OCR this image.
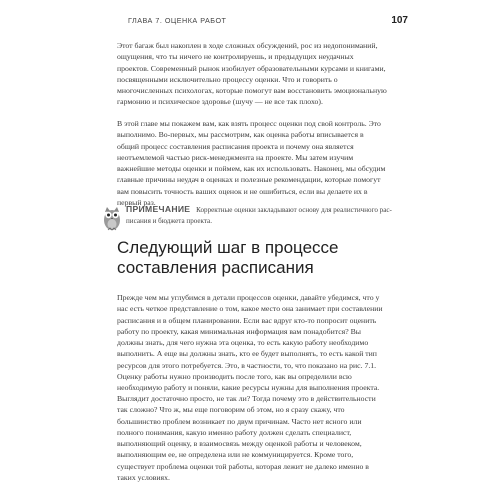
ГЛАВА 7. ОЦЕНКА РАБОТ	107

Этот багаж был накоплен в ходе сложных обсуждений, рос из недопониманий, ощущения, что ты ничего не контролируешь, и предыдущих неудачных проектов. Современный рынок изобилует образовательными курсами и книгами, посвященными исключительно процессу оценки. Что и говорить о многочисленных психологах, которые помогут вам восстановить эмоциональную гармонию и психическое здоровье (шучу — не все так плохо).

В этой главе мы покажем вам, как взять процесс оценки под свой контроль. Это выполнимо. Во-первых, мы рассмотрим, как оценка работы вписывается в общий процесс составления расписания проекта и почему она является неотъемлемой частью риск-менеджмента на проекте. Мы затем изучим важнейшие методы оценки и поймем, как их использовать. Наконец, мы обсудим главные причины неудач в оценках и полезные рекомендации, которые помогут вам повысить точность ваших оценок и не ошибиться, если вы делаете их в первый раз.

ПРИМЕЧАНИЕ Корректные оценки закладывают основу для реалистичного расписания и бюджета проекта.

Следующий шаг в процессе составления расписания

Прежде чем мы углубимся в детали процессов оценки, давайте убедимся, что у нас есть четкое представление о том, какое место она занимает при составлении расписания и в общем планировании. Если вас вдруг кто-то попросит оценить работу по проекту, какая минимальная информация вам понадобится? Вы должны знать, для чего нужна эта оценка, то есть какую работу необходимо выполнить. А еще вы должны знать, кто ее будет выполнять, то есть какой тип ресурсов для этого потребуется. Это, в частности, то, что показано на рис. 7.1. Оценку работы нужно производить после того, как вы определили всю необходимую работу и поняли, какие ресурсы нужны для выполнения проекта.

Выглядит достаточно просто, не так ли? Тогда почему это в действительности так сложно? Что ж, мы еще поговорим об этом, но я сразу скажу, что большинство проблем возникает по двум причинам. Часто нет ясного или полного понимания, какую именно работу должен сделать специалист, выполняющий оценку, в взаимосвязь между оценкой работы и человеком, выполняющим ее, не определена или не коммуницируется. Кроме того, существует проблема оценки той работы, которая лежит не далеко именно в таких условиях.
